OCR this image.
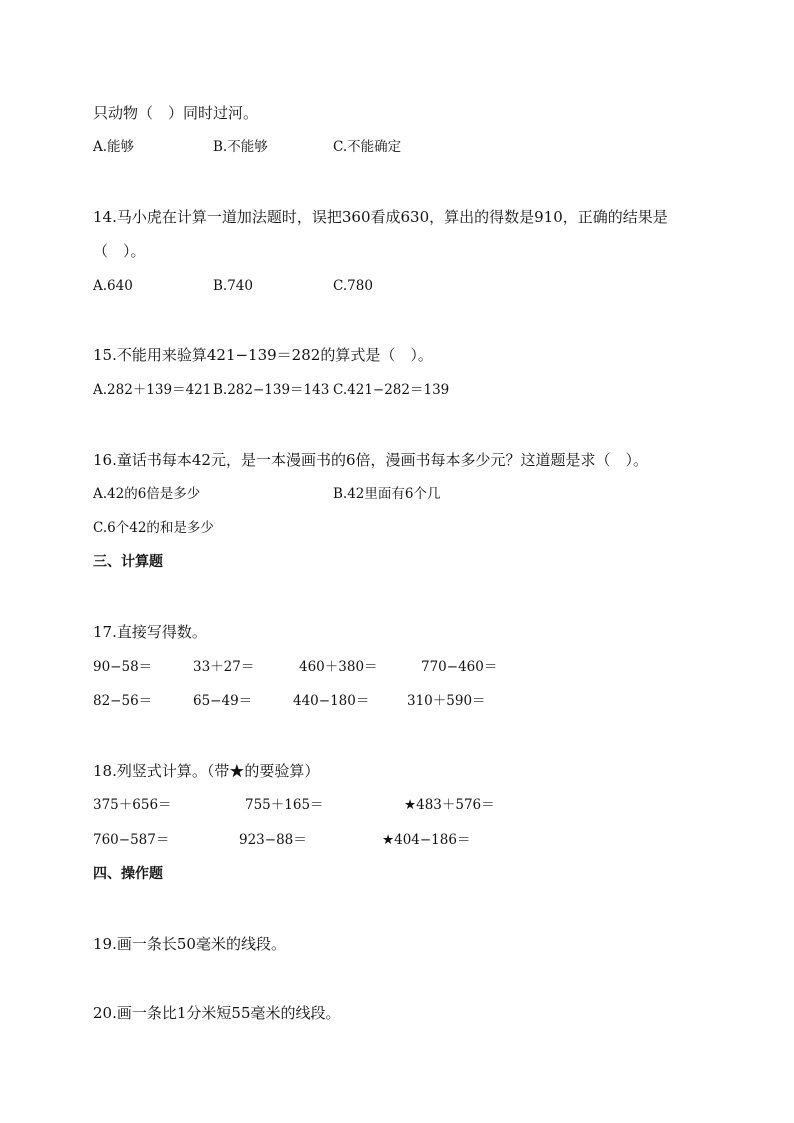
只动物（　）同时过河。
A.能够	B.不能够	C.不能确定
14.马小虎在计算一道加法题时，误把360看成630，算出的得数是910，正确的结果是
（　）。
A.640	B.740	C.780
15.不能用来验算421−139＝282的算式是（　）。
A.282＋139＝421 B.282−139＝143 C.421−282＝139
16.童话书每本42元，是一本漫画书的6倍，漫画书每本多少元？这道题是求（　）。
A.42的6倍是多少	B.42里面有6个几
C.6个42的和是多少
三、计算题
17.直接写得数。
90−58＝	33＋27＝	460＋380＝	770−460＝
82−56＝	65−49＝	440−180＝	310＋590＝
18.列竖式计算。（带★的要验算）
375＋656＝	755＋165＝	★483＋576＝
760−587＝	923−88＝	★404−186＝
四、操作题
19.画一条长50毫米的线段。
20.画一条比1分米短55毫米的线段。
